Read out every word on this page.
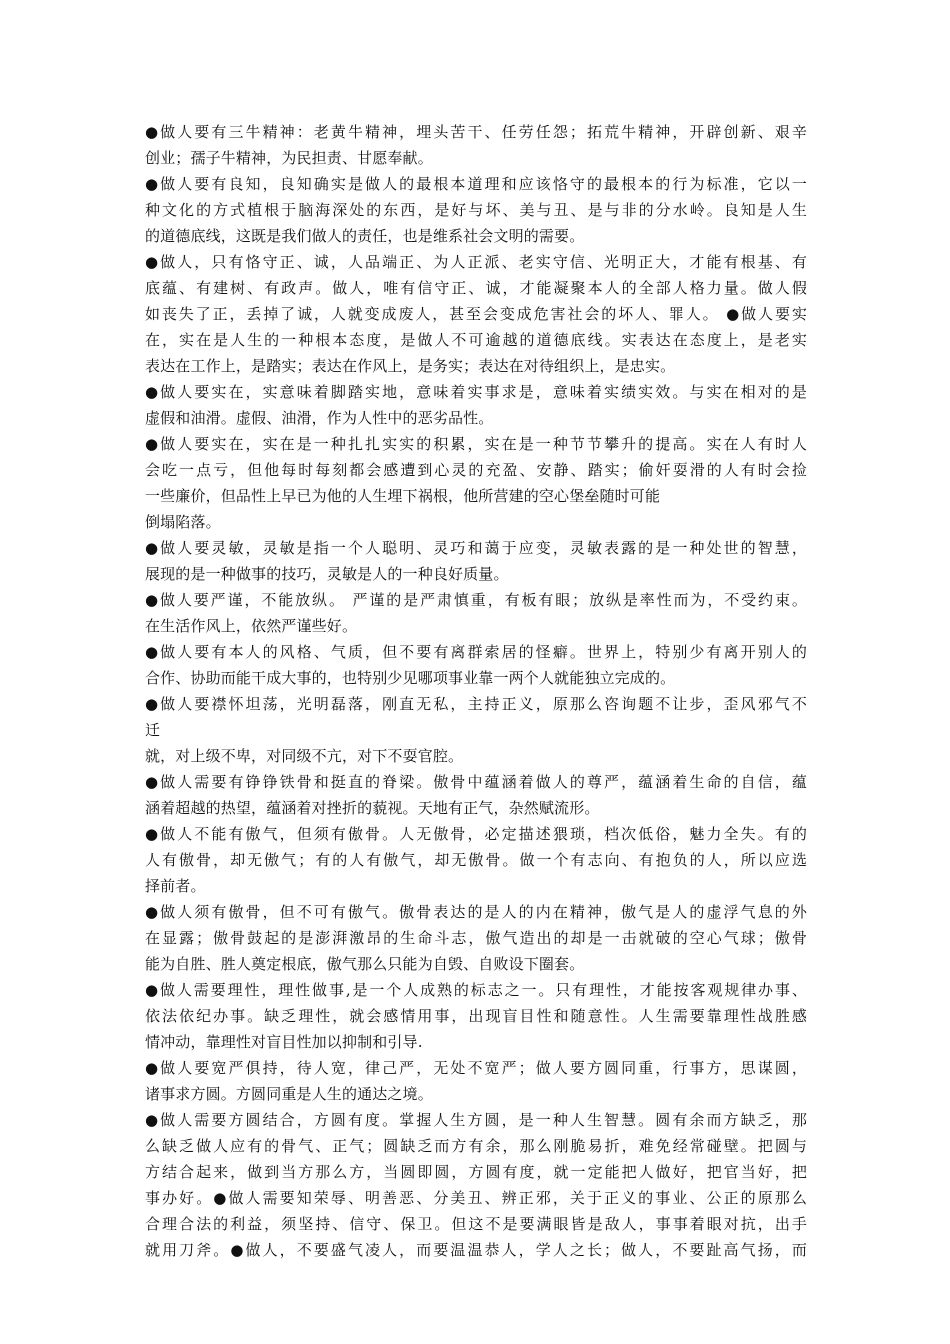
●做人要有三牛精神：老黄牛精神，埋头苦干、任劳任怨；拓荒牛精神，开辟创新、艰辛
创业；孺子牛精神，为民担责、甘愿奉献。
●做人要有良知，良知确实是做人的最根本道理和应该恪守的最根本的行为标准，它以一
种文化的方式植根于脑海深处的东西，是好与坏、美与丑、是与非的分水岭。良知是人生
的道德底线，这既是我们做人的责任，也是维系社会文明的需要。
●做人，只有恪守正、诚，人品端正、为人正派、老实守信、光明正大，才能有根基、有
底蕴、有建树、有政声。做人，唯有信守正、诚，才能凝聚本人的全部人格力量。做人假
如丧失了正，丢掉了诚，人就变成废人，甚至会变成危害社会的坏人、罪人。 ●做人要实
在，实在是人生的一种根本态度，是做人不可逾越的道德底线。实表达在态度上，是老实
表达在工作上，是踏实；表达在作风上，是务实；表达在对待组织上，是忠实。
●做人要实在，实意味着脚踏实地，意味着实事求是，意味着实绩实效。与实在相对的是
虚假和油滑。虚假、油滑，作为人性中的恶劣品性。
●做人要实在，实在是一种扎扎实实的积累，实在是一种节节攀升的提高。实在人有时人
会吃一点亏，但他每时每刻都会感遭到心灵的充盈、安静、踏实；偷奸耍滑的人有时会捡
一些廉价，但品性上早已为他的人生埋下祸根，他所营建的空心堡垒随时可能
倒塌陷落。
●做人要灵敏，灵敏是指一个人聪明、灵巧和蔼于应变，灵敏表露的是一种处世的智慧，
展现的是一种做事的技巧，灵敏是人的一种良好质量。
●做人要严谨，不能放纵。 严谨的是严肃慎重，有板有眼；放纵是率性而为，不受约束。
在生活作风上，依然严谨些好。
●做人要有本人的风格、气质，但不要有离群索居的怪癖。世界上，特别少有离开别人的
合作、协助而能干成大事的，也特别少见哪项事业靠一两个人就能独立完成的。
●做人要襟怀坦荡，光明磊落，刚直无私，主持正义，原那么咨询题不让步，歪风邪气不
迁
就，对上级不卑，对同级不亢，对下不耍官腔。
●做人需要有铮铮铁骨和挺直的脊梁。傲骨中蕴涵着做人的尊严，蕴涵着生命的自信，蕴
涵着超越的热望，蕴涵着对挫折的藐视。天地有正气，杂然赋流形。
●做人不能有傲气，但须有傲骨。人无傲骨，必定描述猥琐，档次低俗，魅力全失。有的
人有傲骨，却无傲气；有的人有傲气，却无傲骨。做一个有志向、有抱负的人，所以应选
择前者。
●做人须有傲骨，但不可有傲气。傲骨表达的是人的内在精神，傲气是人的虚浮气息的外
在显露；傲骨鼓起的是澎湃激昂的生命斗志，傲气造出的却是一击就破的空心气球；傲骨
能为自胜、胜人奠定根底，傲气那么只能为自毁、自败设下圈套。
●做人需要理性，理性做事,是一个人成熟的标志之一。只有理性，才能按客观规律办事、
依法依纪办事。缺乏理性，就会感情用事，出现盲目性和随意性。人生需要靠理性战胜感
情冲动，靠理性对盲目性加以抑制和引导.
●做人要宽严俱持，待人宽，律己严，无处不宽严；做人要方圆同重，行事方，思谋圆，
诸事求方圆。方圆同重是人生的通达之境。
●做人需要方圆结合，方圆有度。掌握人生方圆，是一种人生智慧。圆有余而方缺乏，那
么缺乏做人应有的骨气、正气；圆缺乏而方有余，那么刚脆易折，难免经常碰壁。把圆与
方结合起来，做到当方那么方，当圆即圆，方圆有度，就一定能把人做好，把官当好，把
事办好。●做人需要知荣辱、明善恶、分美丑、辨正邪，关于正义的事业、公正的原那么
合理合法的利益，须坚持、信守、保卫。但这不是要满眼皆是敌人，事事着眼对抗，出手
就用刀斧。●做人，不要盛气凌人，而要温温恭人，学人之长；做人，不要趾高气扬，而
